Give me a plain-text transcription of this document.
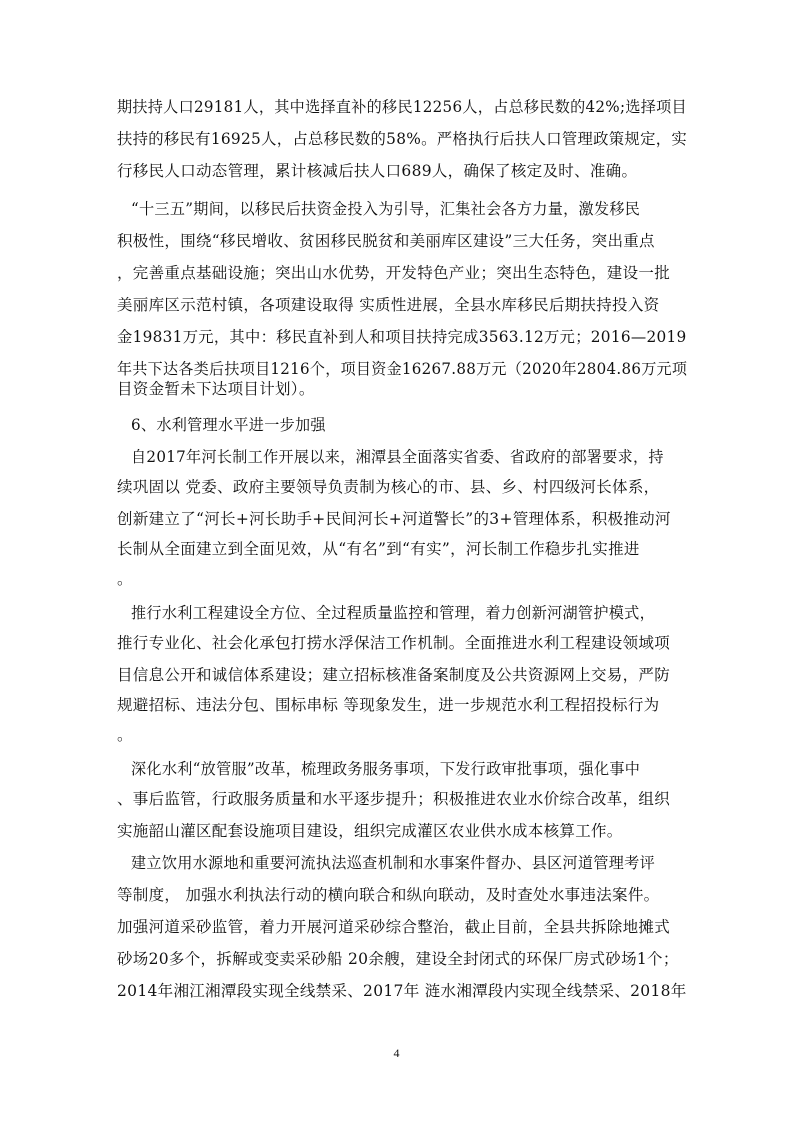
期扶持人口29181人，其中选择直补的移民12256人，占总移民数的42%;选择项目
扶持的移民有16925人，占总移民数的58%。严格执行后扶人口管理政策规定，实
行移民人口动态管理，累计核减后扶人口689人，确保了核定及时、准确。
“十三五”期间，以移民后扶资金投入为引导，汇集社会各方力量，激发移民
积极性，围绕“移民增收、贫困移民脱贫和美丽库区建设”三大任务，突出重点
，完善重点基础设施；突出山水优势，开发特色产业；突出生态特色，建设一批
美丽库区示范村镇，各项建设取得 实质性进展，全县水库移民后期扶持投入资
金19831万元，其中：移民直补到人和项目扶持完成3563.12万元；2016—2019
年共下达各类后扶项目1216个，项目资金16267.88万元（2020年2804.86万元项
目资金暂未下达项目计划）。
6、水利管理水平进一步加强
自2017年河长制工作开展以来，湘潭县全面落实省委、省政府的部署要求，持
续巩固以 党委、政府主要领导负责制为核心的市、县、乡、村四级河长体系，
创新建立了“河长+河长助手+民间河长+河道警长”的3+管理体系，积极推动河
长制从全面建立到全面见效，从“有名”到“有实”，河长制工作稳步扎实推进
。
推行水利工程建设全方位、全过程质量监控和管理，着力创新河湖管护模式，
推行专业化、社会化承包打捞水浮保洁工作机制。全面推进水利工程建设领域项
目信息公开和诚信体系建设；建立招标核准备案制度及公共资源网上交易，严防
规避招标、违法分包、围标串标 等现象发生，进一步规范水利工程招投标行为
。
深化水利“放管服”改革，梳理政务服务事项，下发行政审批事项，强化事中
、事后监管，行政服务质量和水平逐步提升；积极推进农业水价综合改革，组织
实施韶山灌区配套设施项目建设，组织完成灌区农业供水成本核算工作。
建立饮用水源地和重要河流执法巡查机制和水事案件督办、县区河道管理考评
等制度， 加强水利执法行动的横向联合和纵向联动，及时查处水事违法案件。
加强河道采砂监管，着力开展河道采砂综合整治，截止目前，全县共拆除地摊式
砂场20多个，拆解或变卖采砂船 20余艘，建设全封闭式的环保厂房式砂场1个；
2014年湘江湘潭段实现全线禁采、2017年 涟水湘潭段内实现全线禁采、2018年
4
